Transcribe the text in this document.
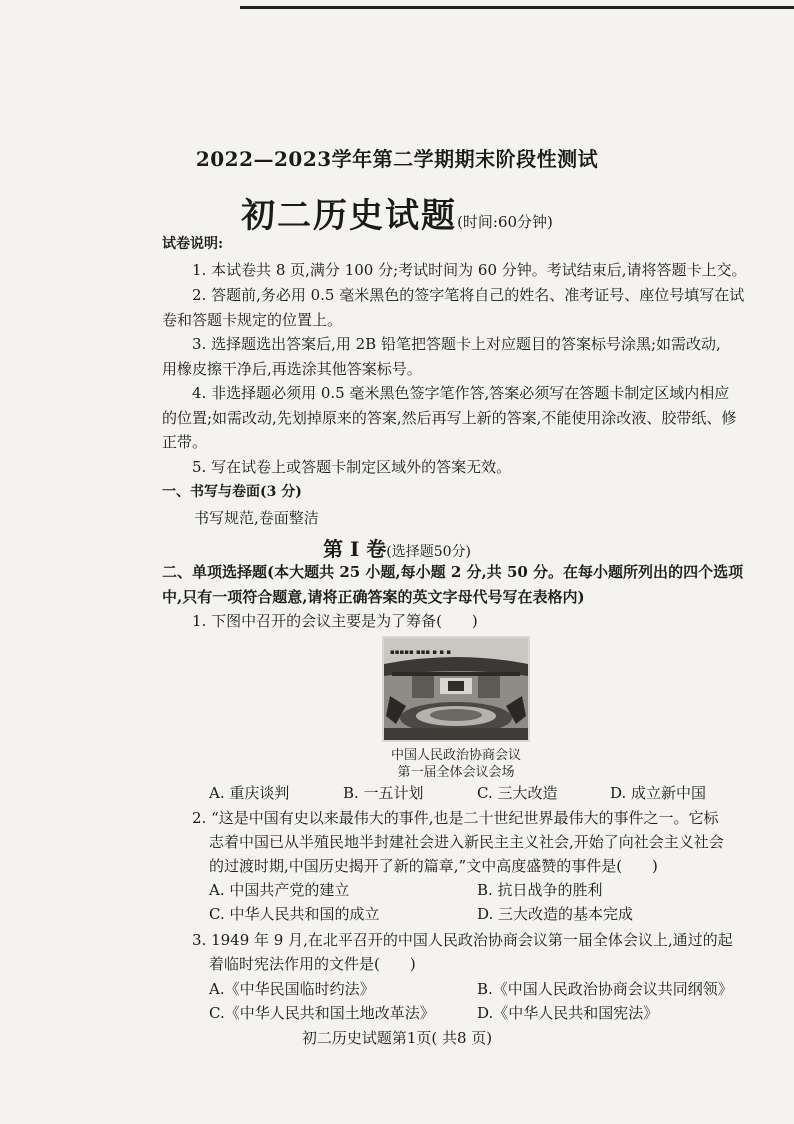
2022—2023学年第二学期期末阶段性测试

初二历史试题(时间:60分钟)

试卷说明:

1. 本试卷共 8 页,满分 100 分;考试时间为 60 分钟。考试结束后,请将答题卡上交。

2. 答题前,务必用 0.5 毫米黑色的签字笔将自己的姓名、准考证号、座位号填写在试

卷和答题卡规定的位置上。

3. 选择题选出答案后,用 2B 铅笔把答题卡上对应题目的答案标号涂黑;如需改动,

用橡皮擦干净后,再选涂其他答案标号。

4. 非选择题必须用 0.5 毫米黑色签字笔作答,答案必须写在答题卡制定区域内相应

的位置;如需改动,先划掉原来的答案,然后再写上新的答案,不能使用涂改液、胶带纸、修

正带。

5. 写在试卷上或答题卡制定区域外的答案无效。

一、书写与卷面(3 分)

书写规范,卷面整洁

第 I 卷(选择题50分)

二、单项选择题(本大题共 25 小题,每小题 2 分,共 50 分。在每小题所列出的四个选项

中,只有一项符合题意,请将正确答案的英文字母代号写在表格内)

1. 下图中召开的会议主要是为了筹备(　　)

▪▪▪▪▪ ▪▪▪ ▪ ▪ ▪

中国人民政治协商会议

第一届全体会议会场

A. 重庆谈判	B. 一五计划	C. 三大改造	D. 成立新中国

2. “这是中国有史以来最伟大的事件,也是二十世纪世界最伟大的事件之一。它标

志着中国已从半殖民地半封建社会进入新民主主义社会,开始了向社会主义社会

的过渡时期,中国历史揭开了新的篇章,”文中高度盛赞的事件是(　　)

A. 中国共产党的建立	B. 抗日战争的胜利

C. 中华人民共和国的成立	D. 三大改造的基本完成

3. 1949 年 9 月,在北平召开的中国人民政治协商会议第一届全体会议上,通过的起

着临时宪法作用的文件是(　　)

A.《中华民国临时约法》	B.《中国人民政治协商会议共同纲领》

C.《中华人民共和国土地改革法》	D.《中华人民共和国宪法》

初二历史试题第1页( 共8 页)
